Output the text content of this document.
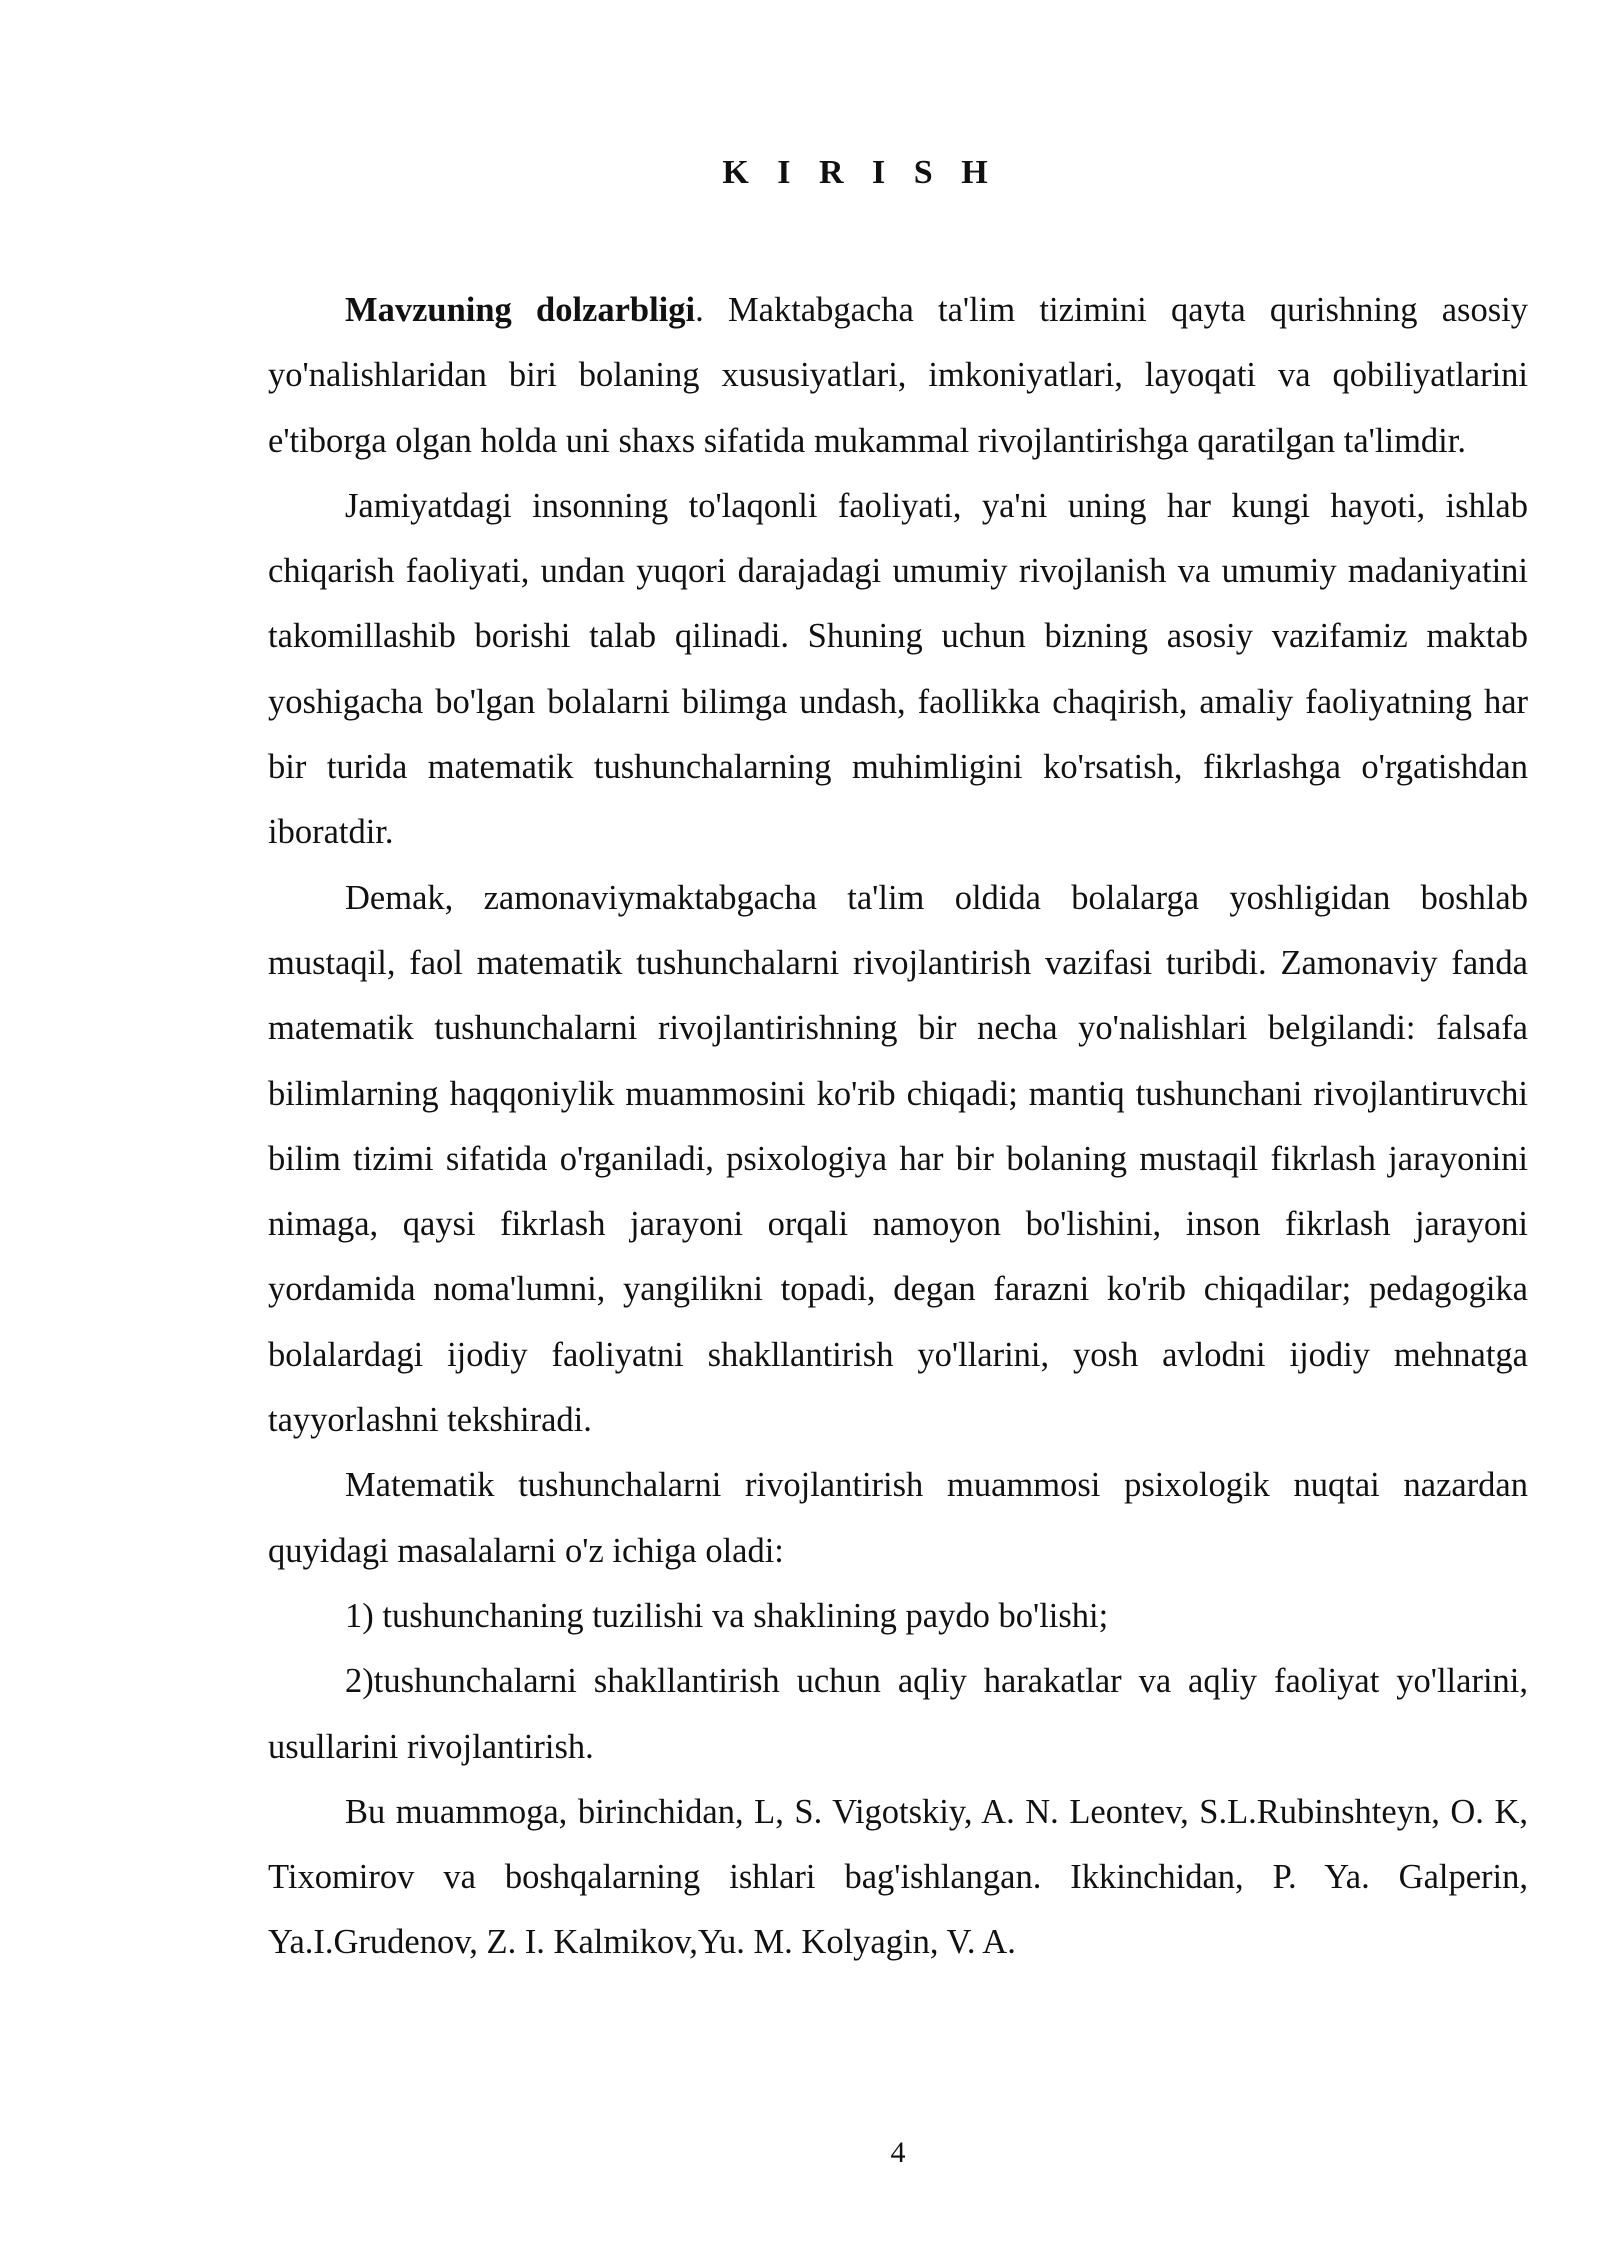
K I R I S H

Mavzuning dolzarbligi. Maktabgacha ta'lim tizimini qayta qurishning asosiy yo'nalishlaridan biri bolaning xususiyatlari, imkoniyatlari, layoqati va qobiliyatlarini e'tiborga olgan holda uni shaxs sifatida mukammal rivojlantirishga qaratilgan ta'limdir.

Jamiyatdagi insonning to'laqonli faoliyati, ya'ni uning har kungi hayoti, ishlab chiqarish faoliyati, undan yuqori darajadagi umumiy rivojlanish va umumiy madaniyatini takomillashib borishi talab qilinadi. Shuning uchun bizning asosiy vazifamiz maktab yoshigacha bo'lgan bolalarni bilimga undash, faollikka chaqirish, amaliy faoliyatning har bir turida matematik tushunchalarning muhimligini ko'rsatish, fikrlashga o'rgatishdan iboratdir.

Demak, zamonaviymaktabgacha ta'lim oldida bolalarga yoshligidan boshlab mustaqil, faol matematik tushunchalarni rivojlantirish vazifasi turibdi. Zamonaviy fanda matematik tushunchalarni rivojlantirishning bir necha yo'nalishlari belgilandi: falsafa bilimlarning haqqoniylik muammosini ko'rib chiqadi; mantiq tushunchani rivojlantiruvchi bilim tizimi sifatida o'rganiladi, psixologiya har bir bolaning mustaqil fikrlash jarayonini nimaga, qaysi fikrlash jarayoni orqali namoyon bo'lishini, inson fikrlash jarayoni yordamida noma'lumni, yangilikni topadi, degan farazni ko'rib chiqadilar; pedagogika bolalardagi ijodiy faoliyatni shakllantirish yo'llarini, yosh avlodni ijodiy mehnatga tayyorlashni tekshiradi.

Matematik tushunchalarni rivojlantirish muammosi psixologik nuqtai nazardan quyidagi masalalarni o'z ichiga oladi:

1) tushunchaning tuzilishi va shaklining paydo bo'lishi;

2)tushunchalarni shakllantirish uchun aqliy harakatlar va aqliy faoliyat yo'llarini, usullarini rivojlantirish.

Bu muammoga, birinchidan, L, S. Vigotskiy, A. N. Leontev, S.L.Rubinshteyn, O. K, Tixomirov va boshqalarning ishlari bag'ishlangan. Ikkinchidan, P. Ya. Galperin, Ya.I.Grudenov, Z. I. Kalmikov,Yu. M. Kolyagin, V. A.

4
